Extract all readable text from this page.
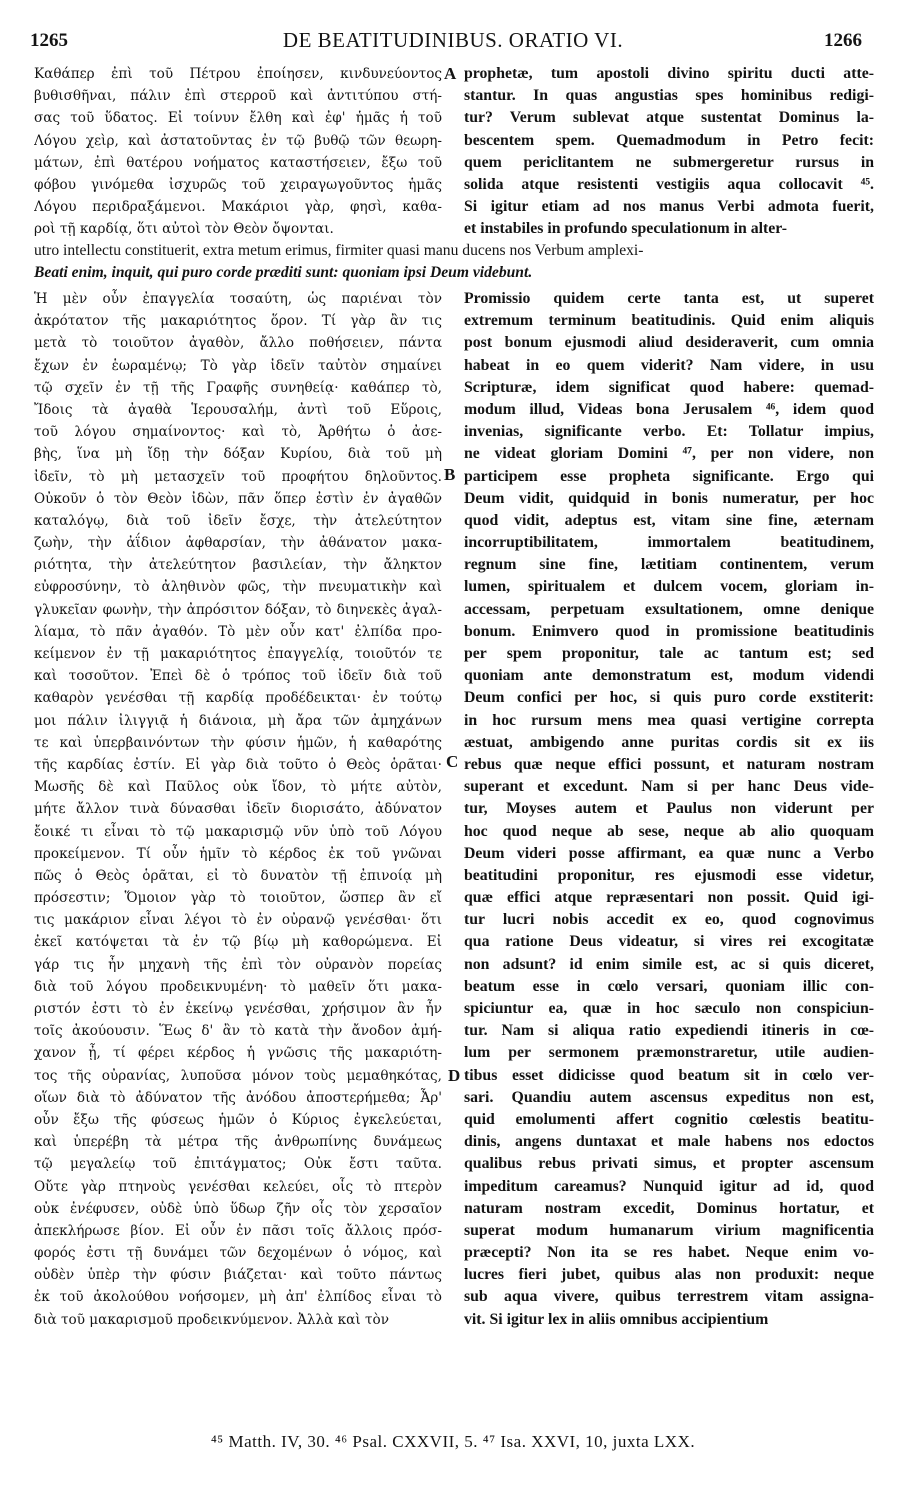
1265	DE BEATITUDINIBUS. ORATIO VI.	1266
Καθάπερ ἐπὶ τοῦ Πέτρου ἐποίησεν, κινδυνεύοντος
βυθισθῆναι, πάλιν ἐπὶ στερροῦ καὶ ἀντιτύπου στή-
σας τοῦ ὕδατος. Εἰ τοίνυν ἔλθη καὶ ἐφ' ἡμᾶς ἡ τοῦ
Λόγου χεὶρ, καὶ ἀστατοῦντας ἐν τῷ βυθῷ τῶν θεωρη-
μάτων, ἐπὶ θατέρου νοήματος καταστήσειεν, ἔξω τοῦ
φόβου γινόμεθα ἰσχυρῶς τοῦ χειραγωγοῦντος ἡμᾶς
Λόγου περιδραξάμενοι. Μακάριοι γὰρ, φησὶ, καθα-
ροὶ τῇ καρδίᾳ, ὅτι αὐτοὶ τὸν Θεὸν ὄψονται.
prophetæ, tum apostoli divino spiritu ducti atte-
stantur. In quas angustias spes hominibus redigi-
tur? Verum sublevat atque sustentat Dominus la-
bescentem spem. Quemadmodum in Petro fecit:
quem periclitantem ne submergeretur rursus in
solida atque resistenti vestigiis aqua collocavit ⁴⁵.
Si igitur etiam ad nos manus Verbi admota fuerit,
et instabiles in profundo speculationum in alter-
utro intellectu constituerit, extra metum erimus, firmiter quasi manu ducens nos Verbum amplexi-
Beati enim, inquit, qui puro corde præditi sunt: quoniam ipsi Deum videbunt.
Ἡ μὲν οὖν ἐπαγγελία τοσαύτη, ὡς παριέναι τὸν
ἀκρότατον τῆς μακαριότητος ὅρον. Τί γὰρ ἂν τις
μετὰ τὸ τοιοῦτον ἀγαθὸν, ἄλλο ποθήσειεν, πάντα
ἔχων ἐν ἑωραμένῳ; Τὸ γὰρ ἰδεῖν ταὐτὸν σημαίνει
τῷ σχεῖν ἐν τῇ τῆς Γραφῆς συνηθείᾳ· καθάπερ τὸ,
Ἴδοις τὰ ἀγαθὰ Ἱερουσαλήμ, ἀντὶ τοῦ Εὕροις,
τοῦ λόγου σημαίνοντος· καὶ τὸ, Ἀρθήτω ὁ ἀσε-
βὴς, ἵνα μὴ ἴδῃ τὴν δόξαν Κυρίου, διὰ τοῦ μὴ
ἰδεῖν, τὸ μὴ μετασχεῖν τοῦ προφήτου δηλοῦντος.
Οὐκοῦν ὁ τὸν Θεὸν ἰδὼν, πᾶν ὅπερ ἐστὶν ἐν ἀγαθῶν
καταλόγῳ, διὰ τοῦ ἰδεῖν ἔσχε, τὴν ἀτελεύτητον
ζωὴν, τὴν ἀΐδιον ἀφθαρσίαν, τὴν ἀθάνατον μακα-
ριότητα, τὴν ἀτελεύτητον βασιλείαν, τὴν ἄληκτον
εὐφροσύνην, τὸ ἀληθινὸν φῶς, τὴν πνευματικὴν καὶ
γλυκεῖαν φωνὴν, τὴν ἀπρόσιτον δόξαν, τὸ διηνεκὲς ἀγαλ-
λίαμα, τὸ πᾶν ἀγαθόν. Τὸ μὲν οὖν κατ' ἐλπίδα προ-
κείμενον ἐν τῇ μακαριότητος ἐπαγγελίᾳ, τοιοῦτόν τε
καὶ τοσοῦτον. Ἐπεὶ δὲ ὁ τρόπος τοῦ ἰδεῖν διὰ τοῦ
καθαρὸν γενέσθαι τῇ καρδίᾳ προδέδεικται· ἐν τούτῳ
μοι πάλιν ἰλιγγιᾷ ἡ διάνοια, μὴ ἄρα τῶν ἀμηχάνων
τε καὶ ὑπερβαινόντων τὴν φύσιν ἡμῶν, ἡ καθαρότης
τῆς καρδίας ἐστίν. Εἰ γὰρ διὰ τοῦτο ὁ Θεὸς ὁρᾶται·
Μωσῆς δὲ καὶ Παῦλος οὐκ ἴδον, τὸ μήτε αὐτὸν,
μήτε ἄλλον τινὰ δύνασθαι ἰδεῖν διορισάτο, ἀδύνατον
ἔοικέ τι εἶναι τὸ τῷ μακαρισμῷ νῦν ὑπὸ τοῦ Λόγου
προκείμενον. Τί οὖν ἡμῖν τὸ κέρδος ἐκ τοῦ γνῶναι
πῶς ὁ Θεὸς ὁρᾶται, εἰ τὸ δυνατὸν τῇ ἐπινοίᾳ μὴ
πρόσεστιν; Ὅμοιον γὰρ τὸ τοιοῦτον, ὥσπερ ἂν εἴ
τις μακάριον εἶναι λέγοι τὸ ἐν οὐρανῷ γενέσθαι· ὅτι
ἐκεῖ κατόψεται τὰ ἐν τῷ βίῳ μὴ καθορώμενα. Εἰ
γάρ τις ἦν μηχανὴ τῆς ἐπὶ τὸν οὐρανὸν πορείας
διὰ τοῦ λόγου προδεικνυμένη· τὸ μαθεῖν ὅτι μακα-
ριστόν ἐστι τὸ ἐν ἐκείνῳ γενέσθαι, χρήσιμον ἂν ἦν
τοῖς ἀκούουσιν. Ἕως δ' ἂν τὸ κατὰ τὴν ἄνοδον ἀμή-
χανον ᾖ, τί φέρει κέρδος ἡ γνῶσις τῆς μακαριότη-
τος τῆς οὐρανίας, λυποῦσα μόνον τοὺς μεμαθηκότας,
οἵων διὰ τὸ ἀδύνατον τῆς ἀνόδου ἀποστερήμεθα; Ἆρ'
οὖν ἔξω τῆς φύσεως ἡμῶν ὁ Κύριος ἐγκελεύεται,
καὶ ὑπερέβη τὰ μέτρα τῆς ἀνθρωπίνης δυνάμεως
τῷ μεγαλείῳ τοῦ ἐπιτάγματος; Οὐκ ἔστι ταῦτα.
Οὔτε γὰρ πτηνοὺς γενέσθαι κελεύει, οἷς τὸ πτερὸν
οὐκ ἐνέφυσεν, οὐδὲ ὑπὸ ὕδωρ ζῆν οἷς τὸν χερσαῖον
ἀπεκλήρωσε βίον. Εἰ οὖν ἐν πᾶσι τοῖς ἄλλοις πρόσ-
φορός ἐστι τῇ δυνάμει τῶν δεχομένων ὁ νόμος, καὶ
οὐδὲν ὑπὲρ τὴν φύσιν βιάζεται· καὶ τοῦτο πάντως
ἐκ τοῦ ἀκολούθου νοήσομεν, μὴ ἀπ' ἐλπίδος εἶναι τὸ
διὰ τοῦ μακαρισμοῦ προδεικνύμενον. Ἀλλὰ καὶ τὸν
Promissio quidem certe tanta est, ut superet
extremum terminum beatitudinis. Quid enim aliquis
post bonum ejusmodi aliud desideraverit, cum omnia
habeat in eo quem viderit? Nam videre, in usu
Scripturæ, idem significat quod habere: quemad-
modum illud, Videas bona Jerusalem ⁴⁶, idem quod
invenias, significante verbo. Et: Tollatur impius,
ne videat gloriam Domini ⁴⁷, per non videre, non
participem esse propheta significante. Ergo qui
Deum vidit, quidquid in bonis numeratur, per hoc
quod vidit, adeptus est, vitam sine fine, æternam
incorruptibilitatem, immortalem beatitudinem,
regnum sine fine, lætitiam continentem, verum
lumen, spiritualem et dulcem vocem, gloriam in-
accessam, perpetuam exsultationem, omne denique
bonum. Enimvero quod in promissione beatitudinis
per spem proponitur, tale ac tantum est; sed
quoniam ante demonstratum est, modum videndi
Deum confici per hoc, si quis puro corde exstiterit:
in hoc rursum mens mea quasi vertigine correpta
æstuat, ambigendo anne puritas cordis sit ex iis
rebus quæ neque effici possunt, et naturam nostram
superant et excedunt. Nam si per hanc Deus vide-
tur, Moyses autem et Paulus non viderunt per
hoc quod neque ab sese, neque ab alio quoquam
Deum videri posse affirmant, ea quæ nunc a Verbo
beatitudini proponitur, res ejusmodi esse videtur,
quæ effici atque repræsentari non possit. Quid igi-
tur lucri nobis accedit ex eo, quod cognovimus
qua ratione Deus videatur, si vires rei excogitatæ
non adsunt? id enim simile est, ac si quis diceret,
beatum esse in cœlo versari, quoniam illic con-
spiciuntur ea, quæ in hoc sæculo non conspiciun-
tur. Nam si aliqua ratio expediendi itineris in cœ-
lum per sermonem præmonstraretur, utile audien-
tibus esset didicisse quod beatum sit in cœlo ver-
sari. Quandiu autem ascensus expeditus non est,
quid emolumenti affert cognitio cœlestis beatitu-
dinis, angens duntaxat et male habens nos edoctos
qualibus rebus privati simus, et propter ascensum
impeditum careamus? Nunquid igitur ad id, quod
naturam nostram excedit, Dominus hortatur, et
superat modum humanarum virium magnificentia
præcepti? Non ita se res habet. Neque enim vo-
lucres fieri jubet, quibus alas non produxit: neque
sub aqua vivere, quibus terrestrem vitam assigna-
vit. Si igitur lex in aliis omnibus accipientium
A
B
C
D
⁴⁵ Matth. IV, 30. ⁴⁶ Psal. CXXVII, 5. ⁴⁷ Isa. XXVI, 10, juxta LXX.
